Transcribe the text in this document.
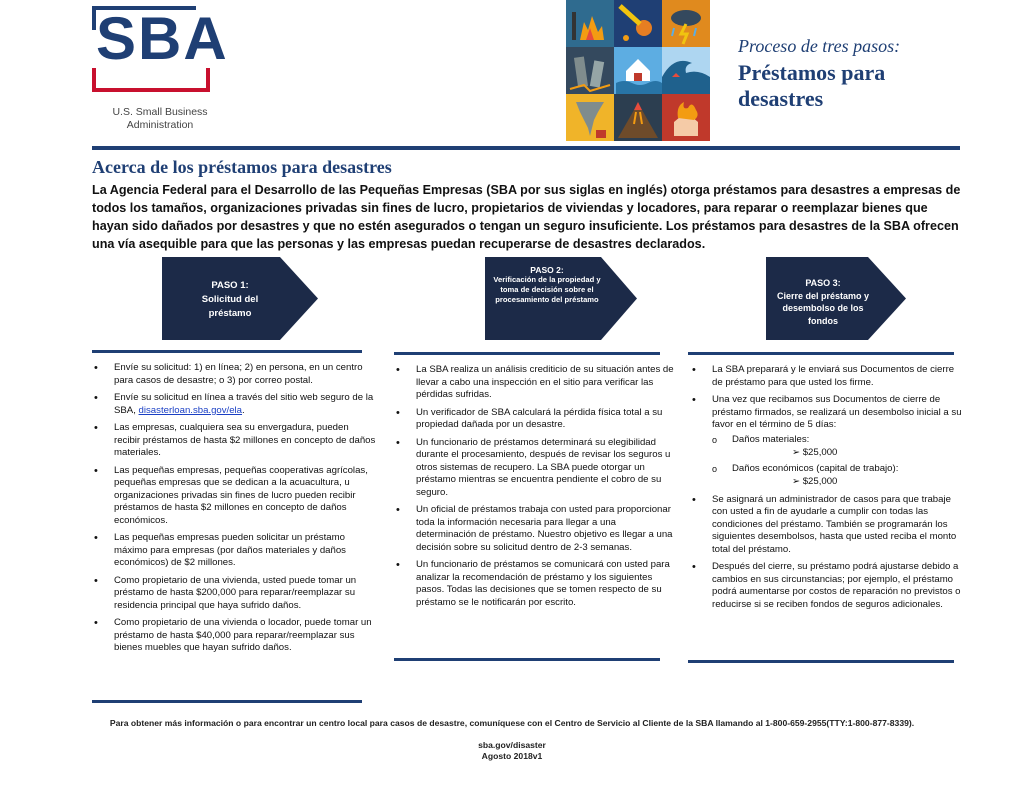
SBA
U.S. Small Business Administration
Proceso de tres pasos:
Préstamos para desastres
Acerca de los préstamos para desastres
La Agencia Federal para el Desarrollo de las Pequeñas Empresas (SBA por sus siglas en inglés) otorga préstamos para desastres a empresas de todos los tamaños, organizaciones privadas sin fines de lucro, propietarios de viviendas y locadores, para reparar o reemplazar bienes que hayan sido dañados por desastres y que no estén asegurados o tengan un seguro insuficiente. Los préstamos para desastres de la SBA ofrecen una vía asequible para que las personas y las empresas puedan recuperarse de desastres declarados.
PASO 1:
Solicitud del préstamo
PASO 2:
Verificación de la propiedad y toma de decisión sobre el procesamiento del préstamo
PASO 3:
Cierre del préstamo y desembolso de los fondos
• Envíe su solicitud: 1) en línea; 2) en persona, en un centro para casos de desastre; o 3) por correo postal.
• Envíe su solicitud en línea a través del sitio web seguro de la SBA, disasterloan.sba.gov/ela.
• Las empresas, cualquiera sea su envergadura, pueden recibir préstamos de hasta $2 millones en concepto de daños materiales.
• Las pequeñas empresas, pequeñas cooperativas agrícolas, pequeñas empresas que se dedican a la acuacultura, u organizaciones privadas sin fines de lucro pueden recibir préstamos de hasta $2 millones en concepto de daños económicos.
• Las pequeñas empresas pueden solicitar un préstamo máximo para empresas (por daños materiales y daños económicos) de $2 millones.
• Como propietario de una vivienda, usted puede tomar un préstamo de hasta $200,000 para reparar/reemplazar su residencia principal que haya sufrido daños.
• Como propietario de una vivienda o locador, puede tomar un préstamo de hasta $40,000 para reparar/reemplazar sus bienes muebles que hayan sufrido daños.
• La SBA realiza un análisis crediticio de su situación antes de llevar a cabo una inspección en el sitio para verificar las pérdidas sufridas.
• Un verificador de SBA calculará la pérdida física total a su propiedad dañada por un desastre.
• Un funcionario de préstamos determinará su elegibilidad durante el procesamiento, después de revisar los seguros u otros sistemas de recupero. La SBA puede otorgar un préstamo mientras se encuentra pendiente el cobro de su seguro.
• Un oficial de préstamos trabaja con usted para proporcionar toda la información necesaria para llegar a una determinación de préstamo. Nuestro objetivo es llegar a una decisión sobre su solicitud dentro de 2-3 semanas.
• Un funcionario de préstamos se comunicará con usted para analizar la recomendación de préstamo y los siguientes pasos. Todas las decisiones que se tomen respecto de su préstamo se le notificarán por escrito.
• La SBA preparará y le enviará sus Documentos de cierre de préstamo para que usted los firme.
• Una vez que recibamos sus Documentos de cierre de préstamo firmados, se realizará un desembolso inicial a su favor en el término de 5 días:
o Daños materiales:
➢ $25,000
o Daños económicos (capital de trabajo):
➢ $25,000
• Se asignará un administrador de casos para que trabaje con usted a fin de ayudarle a cumplir con todas las condiciones del préstamo. También se programarán los siguientes desembolsos, hasta que usted reciba el monto total del préstamo.
• Después del cierre, su préstamo podrá ajustarse debido a cambios en sus circunstancias; por ejemplo, el préstamo podrá aumentarse por costos de reparación no previstos o reducirse si se reciben fondos de seguros adicionales.
Para obtener más información o para encontrar un centro local para casos de desastre, comuníquese con el Centro de Servicio al Cliente de la SBA llamando al 1-800-659-2955(TTY:1-800-877-8339).
sba.gov/disaster
Agosto 2018v1
